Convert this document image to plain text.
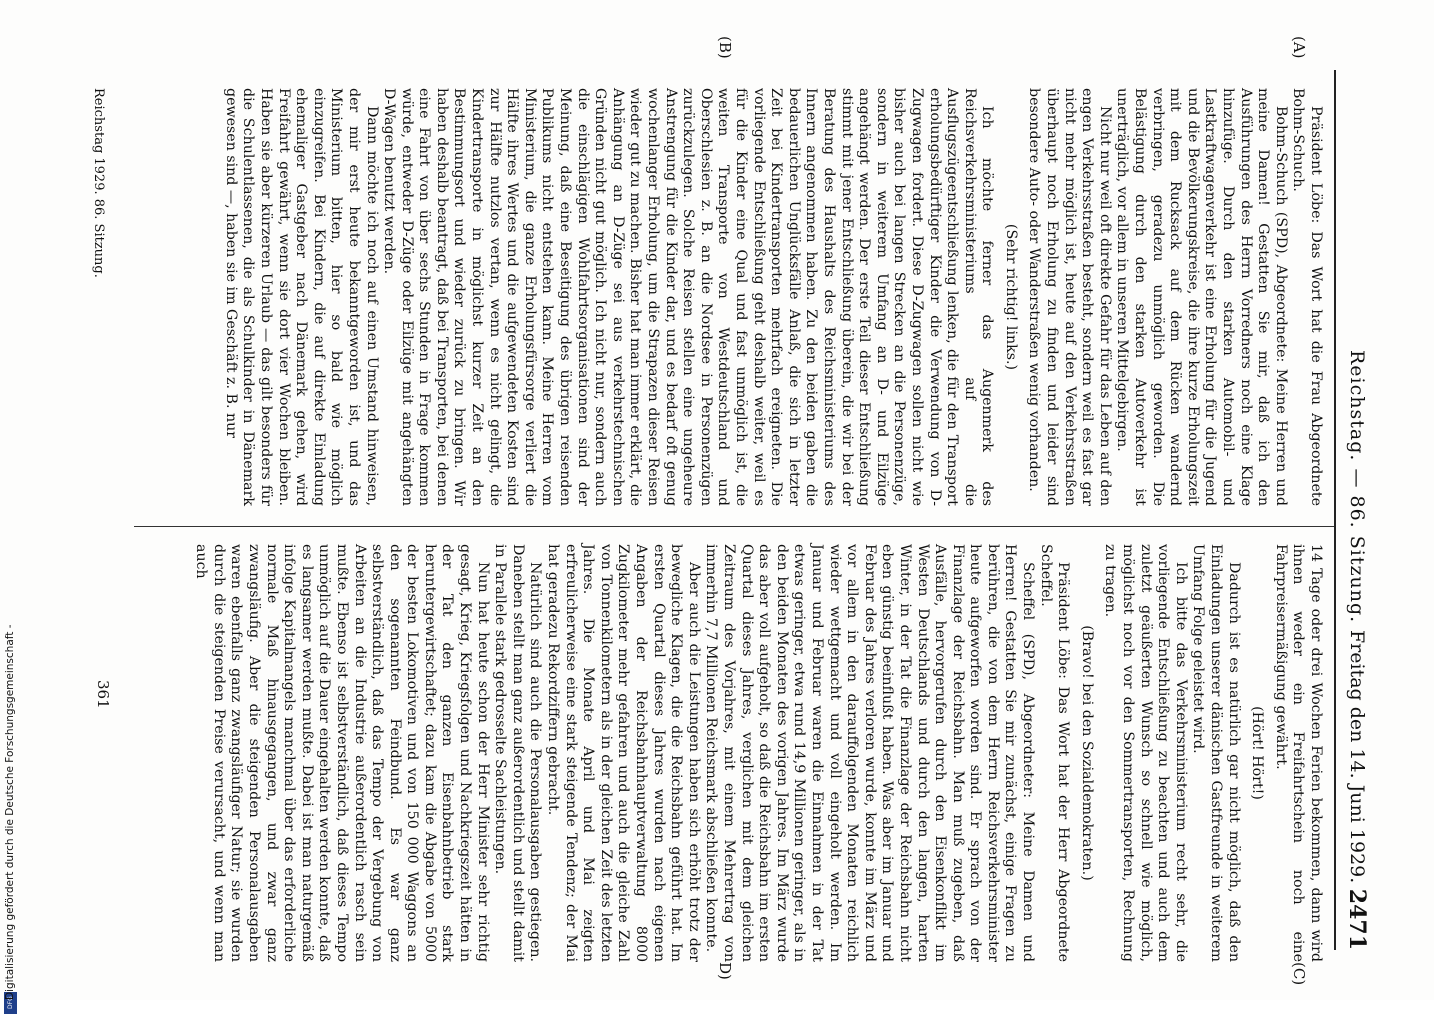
Reichstag. — 86. Sitzung.
Freitag den 14. Juni 1929.
2471
(A)
(B)
(C)
D)

Präsident Löbe: Das Wort hat die Frau Abgeordnete Bohm-Schuch.

Bohm-Schuch (SPD), Abgeordnete: Meine Herren und meine Damen! Gestatten Sie mir, daß ich den Ausführungen des Herrn Vorredners noch eine Klage hinzufüge. Durch den starken Automobil- und Lastkraftwagenverkehr ist eine Erholung für die Jugend und die Bevölkerungskreise, die ihre kurze Erholungszeit mit dem Rucksack auf dem Rücken wandernd verbringen, geradezu unmöglich geworden. Die Belästigung durch den starken Autoverkehr ist unerträglich, vor allem in unseren Mittelgebirgen.

Nicht nur weil oft direkte Gefahr für das Leben auf den engen Verkehrsstraßen besteht, sondern weil es fast gar nicht mehr möglich ist, heute auf den Verkehrsstraßen überhaupt noch Erholung zu finden und leider sind besondere Auto- oder Wanderstraßen wenig vorhanden.

(Sehr richtig! links.)

Ich möchte ferner das Augenmerk des Reichsverkehrsministeriums auf die Ausflugszügeentschließung lenken, die für den Transport erholungsbedürftiger Kinder die Verwendung von D-Zugwagen fordert. Diese D-Zugwagen sollen nicht wie bisher auch bei langen Strecken an die Personenzüge, sondern in weiterem Umfang an D- und Eilzüge angehängt werden. Der erste Teil dieser Entschließung stimmt mit jener Entschließung überein, die wir bei der Beratung des Haushalts des Reichsministeriums des Innern angenommen haben. Zu den beiden gaben die bedauerlichen Unglücksfälle Anlaß, die sich in letzter Zeit bei Kindertransporten mehrfach ereigneten. Die vorliegende Entschließung geht deshalb weiter, weil es für die Kinder eine Qual und fast unmöglich ist, die weiten Transporte von Westdeutschland und Oberschlesien z. B. an die Nordsee in Personenzügen zurückzulegen. Solche Reisen stellen eine ungeheure Anstrengung für die Kinder dar, und es bedarf oft genug wochenlanger Erholung, um die Strapazen dieser Reisen wieder gut zu machen. Bisher hat man immer erklärt, die Anhängung an D-Züge sei aus verkehrstechnischen Gründen nicht gut möglich. Ich nicht nur, sondern auch die einschlägigen Wohlfahrtsorganisationen sind der Meinung, daß eine Beseitigung des übrigen reisenden Publikums nicht entstehen kann. Meine Herren vom Ministerium, die ganze Erholungsfürsorge verliert die Hälfte ihres Wertes und die aufgewendeten Kosten sind zur Hälfte nutzlos vertan, wenn es nicht gelingt, die Kindertransporte in möglichst kurzer Zeit an den Bestimmungsort und wieder zurück zu bringen. Wir haben deshalb beantragt, daß bei Transporten, bei denen eine Fahrt von über sechs Stunden in Frage kommen würde, entweder D-Züge oder Eilzüge mit angehängten D-Wagen benutzt werden.

Dann möchte ich noch auf einen Umstand hinweisen, der mir erst heute bekanntgeworden ist, und das Ministerium bitten, hier so bald wie möglich einzugreifen. Bei Kindern, die auf direkte Einladung ehemaliger Gastgeber nach Dänemark gehen, wird Freifahrt gewährt, wenn sie dort vier Wochen bleiben. Haben sie aber kürzeren Urlaub — das gilt besonders für die Schulentlassenen, die als Schulkinder in Dänemark gewesen sind —, haben sie im Geschäft z. B. nur

14 Tage oder drei Wochen Ferien bekommen, dann wird ihnen weder ein Freifahrtschein noch eine Fahrpreisermäßigung gewährt.

(Hört! Hört!)

Dadurch ist es natürlich gar nicht möglich, daß den Einladungen unserer dänischen Gastfreunde in weiterem Umfang Folge geleistet wird.

Ich bitte das Verkehrsministerium recht sehr, die vorliegende Entschließung zu beachten und auch dem zuletzt geäußerten Wunsch so schnell wie möglich, möglichst noch vor den Sommertransporten, Rechnung zu tragen.

(Bravo! bei den Sozialdemokraten.)

Präsident Löbe: Das Wort hat der Herr Abgeordnete Scheffel.

Scheffel (SPD), Abgeordneter: Meine Damen und Herren! Gestatten Sie mir zunächst, einige Fragen zu berühren, die von dem Herrn Reichsverkehrsminister heute aufgeworfen worden sind. Er sprach von der Finanzlage der Reichsbahn. Man muß zugeben, daß Ausfälle, hervorgerufen durch den Eisenkonflikt im Westen Deutschlands und durch den langen, harten Winter, in der Tat die Finanzlage der Reichsbahn nicht eben günstig beeinflußt haben. Was aber im Januar und Februar des Jahres verloren wurde, konnte im März und vor allem in den darauffolgenden Monaten reichlich wieder wettgemacht und voll eingeholt werden. Im Januar und Februar waren die Einnahmen in der Tat etwas geringer, etwa rund 14,9 Millionen geringer, als in den beiden Monaten des vorigen Jahres. Im März wurde das aber voll aufgeholt, so daß die Reichsbahn im ersten Quartal dieses Jahres, verglichen mit dem gleichen Zeitraum des Vorjahres, mit einem Mehrertrag von immerhin 7,7 Millionen Reichsmark abschließen konnte.

Aber auch die Leistungen haben sich erhöht trotz der bewegliche Klagen, die die Reichsbahn geführt hat. Im ersten Quartal dieses Jahres wurden nach eigenen Angaben der Reichsbahnhauptverwaltung 8000 Zugkilometer mehr gefahren und auch die gleiche Zahl von Tonnenkilometern als in der gleichen Zeit des letzten Jahres. Die Monate April und Mai zeigten erfreulicherweise eine stark steigende Tendenz; der Mai hat geradezu Rekordziffern gebracht.

Natürlich sind auch die Personalausgaben gestiegen. Daneben stellt man ganz außerordentlich und stellt damit in Parallele stark gedrosselte Sachleistungen.

Nun hat heute schon der Herr Minister sehr richtig gesagt, Krieg, Kriegsfolgen und Nachkriegszeit hätten in der Tat den ganzen Eisenbahnbetrieb stark heruntergewirtschaftet; dazu kam die Abgabe von 5000 der besten Lokomotiven und von 150 000 Waggons an den sogenannten Feindbund. Es war ganz selbstverständlich, daß das Tempo der Vergebung von Arbeiten an die Industrie außerordentlich rasch sein mußte. Ebenso ist selbstverständlich, daß dieses Tempo unmöglich auf die Dauer eingehalten werden konnte, daß es langsamer werden mußte. Dabei ist man naturgemäß infolge Kapitalmangels manchmal über das erforderliche normale Maß hinausgegangen, und zwar ganz zwangsläufig. Aber die steigenden Personalausgaben waren ebenfalls ganz zwangsläufiger Natur; sie wurden durch die steigenden Preise verursacht, und wenn man auch

Reichstag 1929. 86. Sitzung.
361
DFG
Digitalisierung gefördert durch die Deutsche Forschungsgemeinschaft -
